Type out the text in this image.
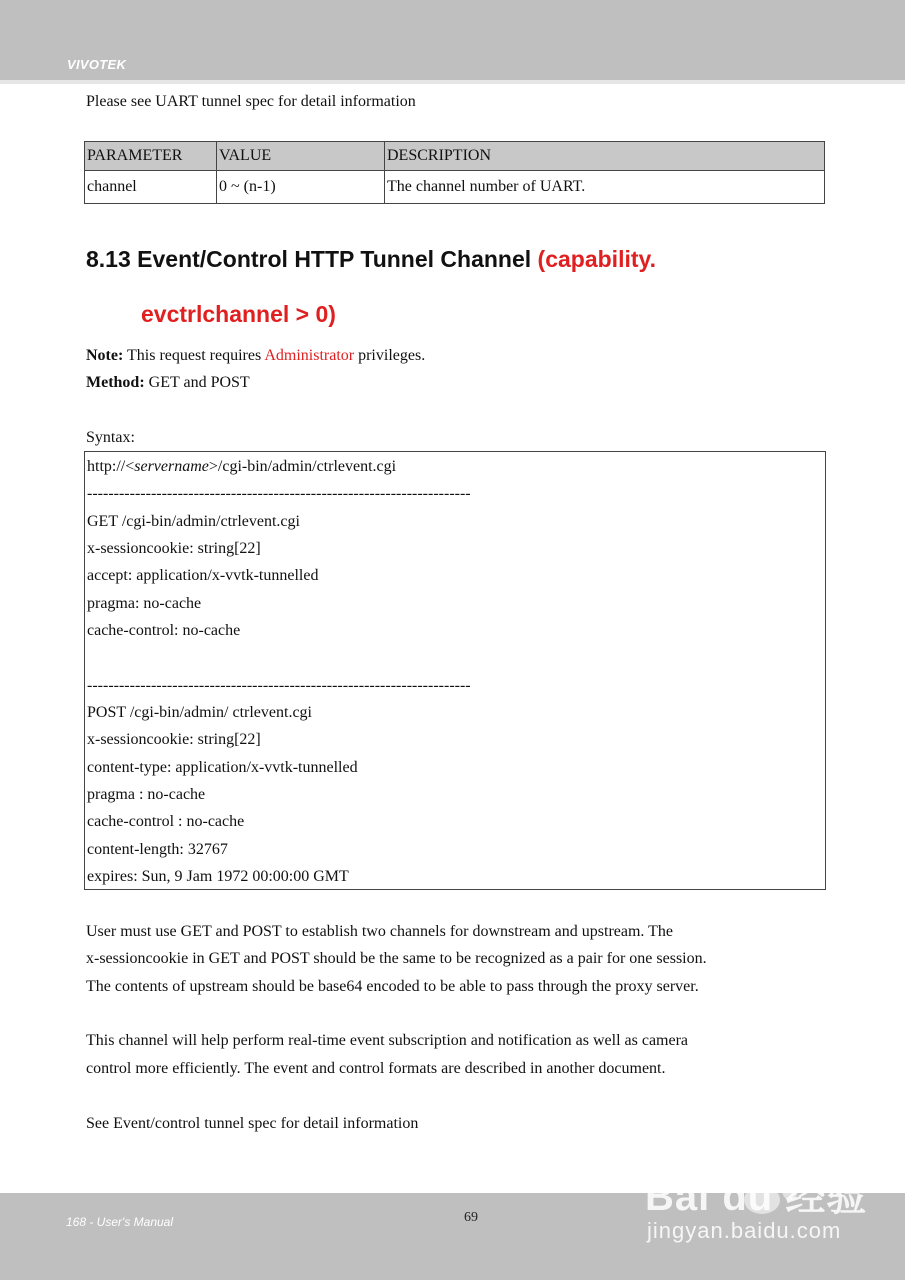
VIVOTEK
Please see UART tunnel spec for detail information
PARAMETER	VALUE	DESCRIPTION
channel	0 ~ (n-1)	The channel number of UART.
8.13 Event/Control HTTP Tunnel Channel (capability.
evctrlchannel > 0)
Note: This request requires Administrator privileges.
Method: GET and POST
Syntax:
http://<servername>/cgi-bin/admin/ctrlevent.cgi
------------------------------------------------------------------------
GET /cgi-bin/admin/ctrlevent.cgi
x-sessioncookie: string[22]
accept: application/x-vvtk-tunnelled
pragma: no-cache
cache-control: no-cache
------------------------------------------------------------------------
POST /cgi-bin/admin/ ctrlevent.cgi
x-sessioncookie: string[22]
content-type: application/x-vvtk-tunnelled
pragma : no-cache
cache-control : no-cache
content-length: 32767
expires: Sun, 9 Jam 1972 00:00:00 GMT
User must use GET and POST to establish two channels for downstream and upstream. The
x-sessioncookie in GET and POST should be the same to be recognized as a pair for one session.
The contents of upstream should be base64 encoded to be able to pass through the proxy server.
This channel will help perform real-time event subscription and notification as well as camera
control more efficiently. The event and control formats are described in another document.
See Event/control tunnel spec for detail information
168 - User's Manual	69	Bai du 经验
jingyan.baidu.com
